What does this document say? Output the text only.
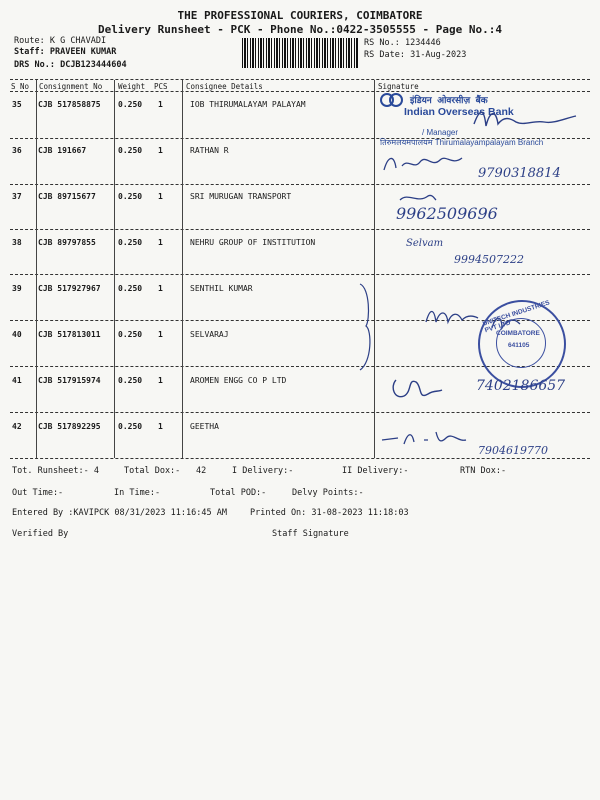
THE PROFESSIONAL COURIERS, COIMBATORE
Delivery Runsheet - PCK - Phone No.:0422-3505555 - Page No.:4
Route: K G CHAVADI
Staff: PRAVEEN KUMAR
DRS No.: DCJB123444604
RS No.: 1234446
RS Date: 31-Aug-2023
S No Consignment No Weight PCS Consignee Details	Signature
35 CJB 517858875 0.250 1	IOB THIRUMALAYAM PALAYAM
36 CJB 191667	0.250 1	RATHAN R
37 CJB 89715677	0.250 1	SRI MURUGAN TRANSPORT
38 CJB 89797855	0.250 1	NEHRU GROUP OF INSTITUTION
39 CJB 517927967 0.250 1	SENTHIL KUMAR
40 CJB 517813011 0.250 1	SELVARAJ
41 CJB 517915974 0.250 1	AROMEN ENGG CO P LTD
42 CJB 517892295 0.250 1	GEETHA
इंडियन ओवरसीज़ बैंक
Indian Overseas Bank
/ Manager
तिरुमलयमपालयम Thirumalayampalayam Branch
9790318814
9962509696
Selvam
9994507222
UNITECH INDUSTRIES PVT LTD
COIMBATORE
641105
7402186657
7904619770
Tot. Runsheet:- 4	Total Dox:- 42	I Delivery:-	II Delivery:-	RTN Dox:-
Out Time:-	In Time:-	Total POD:-	Delvy Points:-
Entered By :KAVIPCK 08/31/2023 11:16:45 AM	Printed On: 31-08-2023 11:18:03
Verified By	Staff Signature
